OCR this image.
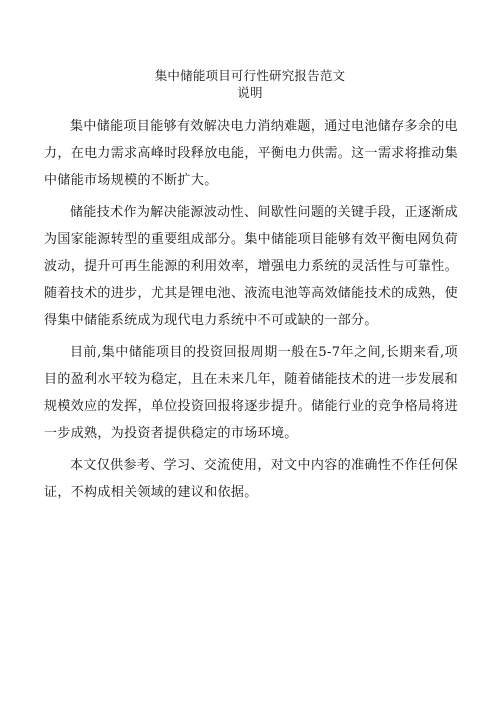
集中储能项目可行性研究报告范文
说明

集中储能项目能够有效解决电力消纳难题，通过电池储存多余的电力，在电力需求高峰时段释放电能，平衡电力供需。这一需求将推动集中储能市场规模的不断扩大。

储能技术作为解决能源波动性、间歇性问题的关键手段，正逐渐成为国家能源转型的重要组成部分。集中储能项目能够有效平衡电网负荷波动，提升可再生能源的利用效率，增强电力系统的灵活性与可靠性。随着技术的进步，尤其是锂电池、液流电池等高效储能技术的成熟，使得集中储能系统成为现代电力系统中不可或缺的一部分。

目前,集中储能项目的投资回报周期一般在5-7年之间,长期来看,项目的盈利水平较为稳定，且在未来几年，随着储能技术的进一步发展和规模效应的发挥，单位投资回报将逐步提升。储能行业的竞争格局将进一步成熟，为投资者提供稳定的市场环境。

本文仅供参考、学习、交流使用，对文中内容的准确性不作任何保证，不构成相关领域的建议和依据。
